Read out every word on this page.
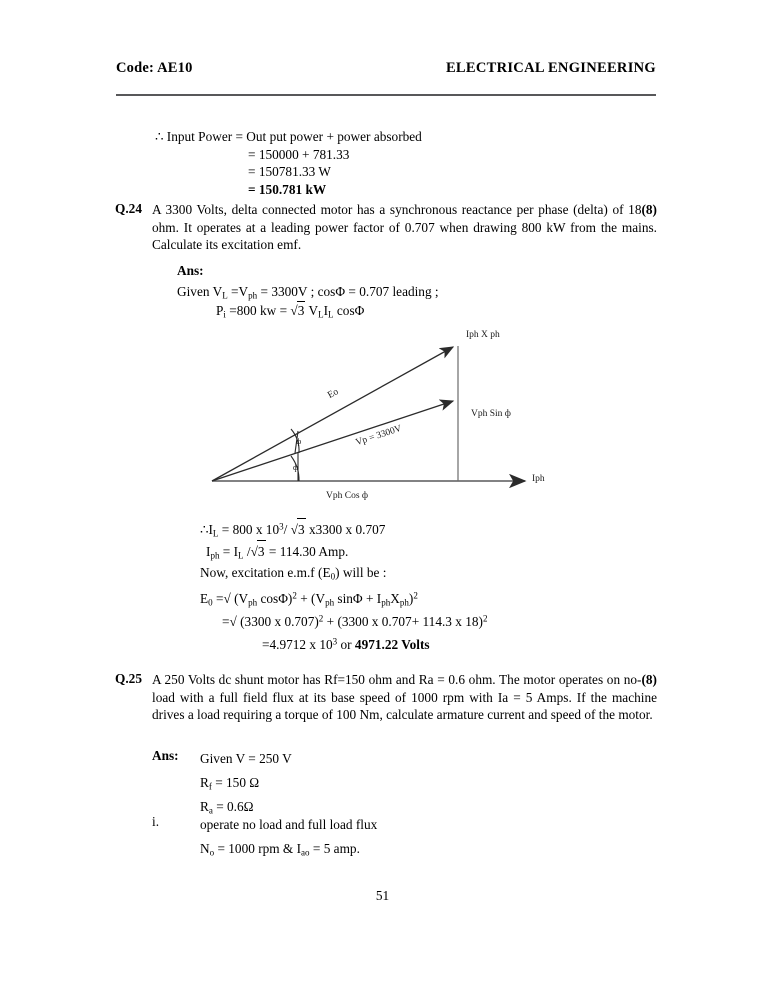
Code: AE10	ELECTRICAL ENGINEERING
∴ Input Power = Out put power + power absorbed
= 150000 + 781.33
= 150781.33 W
= 150.781 kW
Q.24	(8)
A 3300 Volts, delta connected motor has a synchronous reactance per phase (delta) of 18 ohm. It operates at a leading power factor of 0.707 when drawing 800 kW from the mains. Calculate its excitation emf.
Ans:
Given $V_L =V_{ph} = 3300V$ ; cosΦ = 0.707 leading ;
$P_i =800$ kw = √3 $V_LI_L$ cosΦ
Iph X ph
Vph Sin ф
Vph Cos ф
Iph
Eo
Vp = 3300V
ф
ф
$\therefore I_L = 800$ x $10^3/$ √3 x3300 x 0.707
$I_{ph} = I_L$ /√3 = 114.30 Amp.
Now, excitation e.m.f $(E_0)$ will be :
$E_0$ =√ ($V_{ph}$ $\cos\Phi)^2 + (V_{ph}$ $\sin\Phi + I_{ph}X_{ph})^2$
=√ (3300 x 0.707)$^2$ + (3300 x 0.707+ 114.3 x 18)$^2$
=4.9712 x $10^3$ or 4971.22 Volts
Q.25	(8)
A 250 Volts dc shunt motor has Rf=150 ohm and Ra = 0.6 ohm. The motor operates on no-load with a full field flux at its base speed of 1000 rpm with Ia = 5 Amps. If the machine drives a load requiring a torque of 100 Nm, calculate armature current and speed of the motor.
Ans: Given V = 250 V
$R_f = 150$ Ω
$R_a = 0.6\Omega$
i.	operate no load and full load flux
$N_o = 1000$ rpm & $I_{ao} = 5$ amp.
51
